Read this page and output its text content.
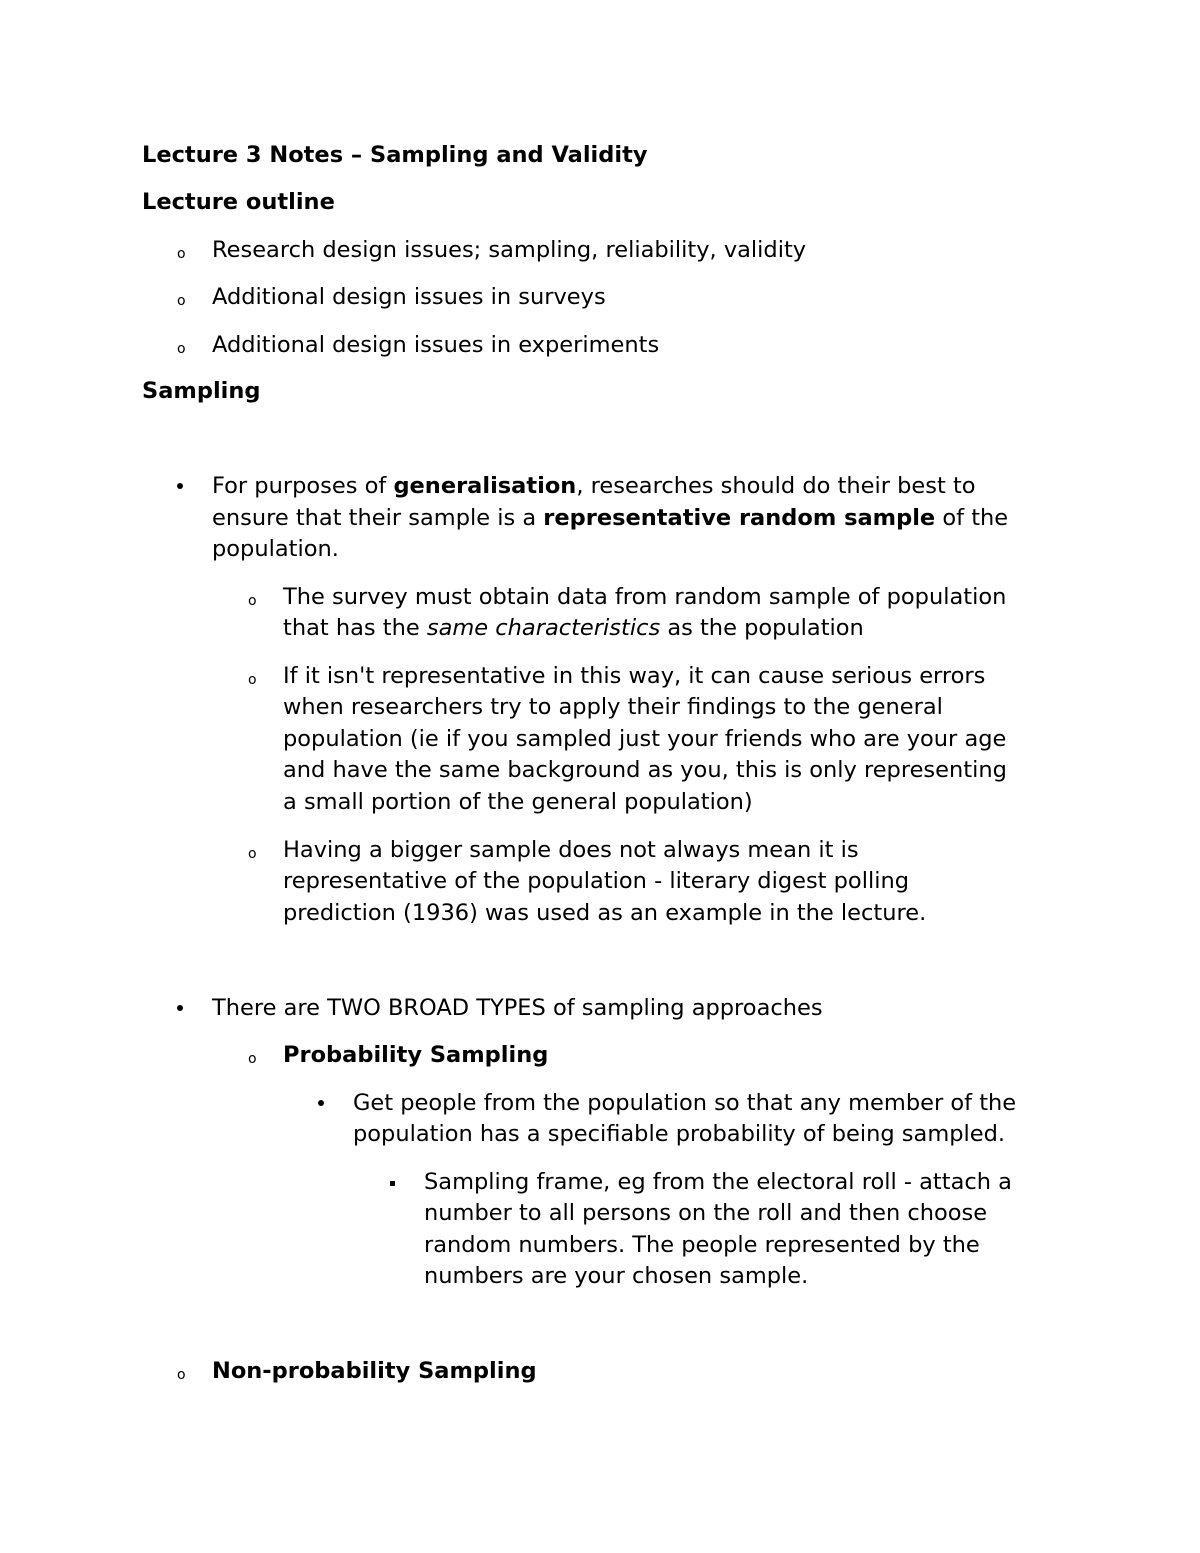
Lecture 3 Notes – Sampling and Validity
Lecture outline
o Research design issues; sampling, reliability, validity
o Additional design issues in surveys
o Additional design issues in experiments
Sampling
For purposes of generalisation, researches should do their best to
ensure that their sample is a representative random sample of the
population.
o The survey must obtain data from random sample of population
that has the same characteristics as the population
o If it isn't representative in this way, it can cause serious errors
when researchers try to apply their findings to the general
population (ie if you sampled just your friends who are your age
and have the same background as you, this is only representing
a small portion of the general population)
o Having a bigger sample does not always mean it is
representative of the population - literary digest polling
prediction (1936) was used as an example in the lecture.
There are TWO BROAD TYPES of sampling approaches
o Probability Sampling
Get people from the population so that any member of the
population has a specifiable probability of being sampled.
Sampling frame, eg from the electoral roll - attach a
number to all persons on the roll and then choose
random numbers. The people represented by the
numbers are your chosen sample.
o Non-probability Sampling
